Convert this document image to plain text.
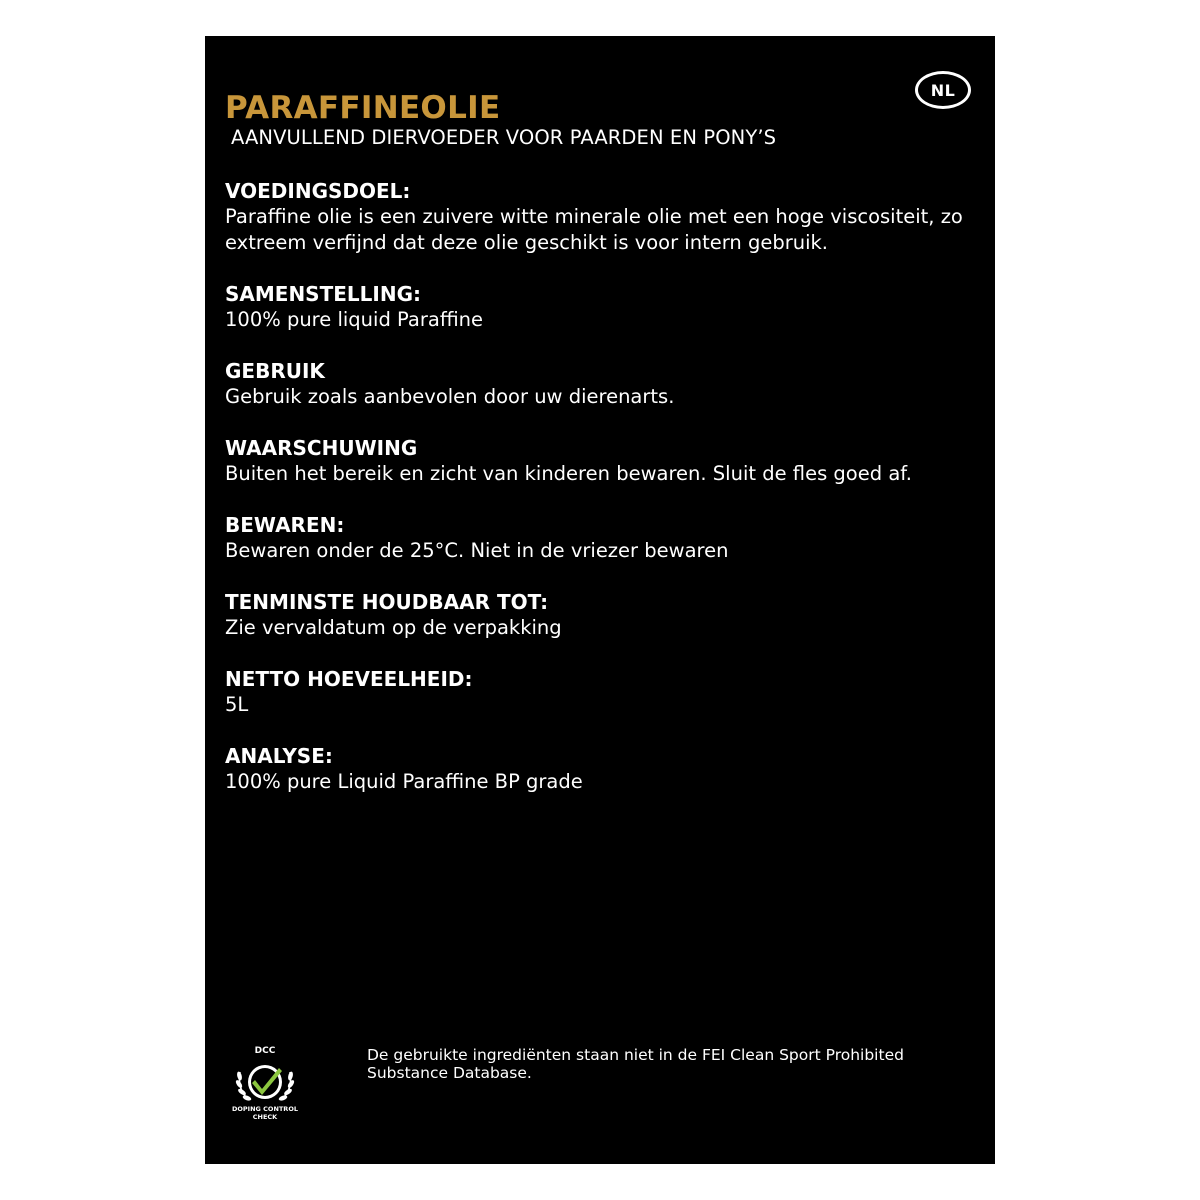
NL
PARAFFINEOLIE

AANVULLEND DIERVOEDER VOOR PAARDEN EN PONY’S

VOEDINGSDOEL:

Paraffine olie is een zuivere witte minerale olie met een hoge viscositeit, zo
extreem verfijnd dat deze olie geschikt is voor intern gebruik.

SAMENSTELLING:

100% pure liquid Paraffine

GEBRUIK

Gebruik zoals aanbevolen door uw dierenarts.

WAARSCHUWING

Buiten het bereik en zicht van kinderen bewaren. Sluit de fles goed af.

BEWAREN:

Bewaren onder de 25°C. Niet in de vriezer bewaren

TENMINSTE HOUDBAAR TOT:

Zie vervaldatum op de verpakking

NETTO HOEVEELHEID:

5L

ANALYSE:

100% pure Liquid Paraffine BP grade

DCC
DOPING CONTROL
CHECK

De gebruikte ingrediënten staan niet in de FEI Clean Sport Prohibited Substance Database.
